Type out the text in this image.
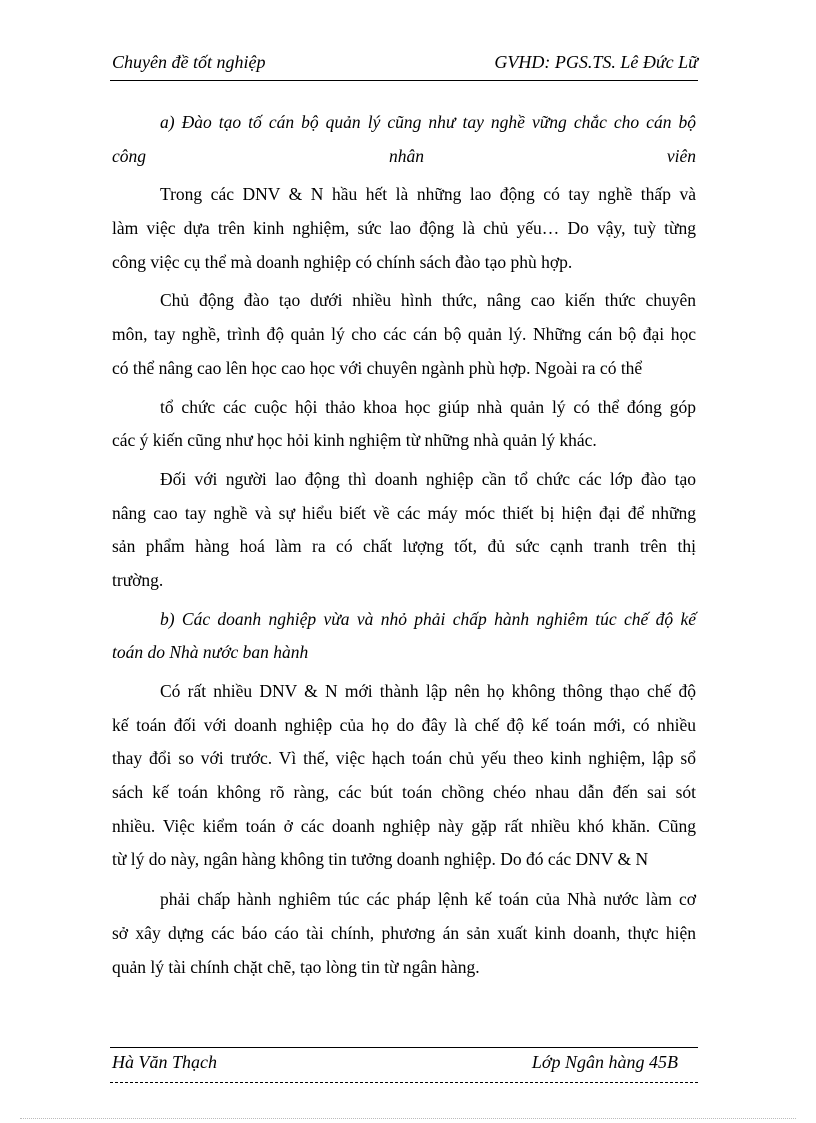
Chuyên đề tốt nghiệp	GVHD: PGS.TS. Lê Đức Lữ
a) Đào tạo tố cán bộ quản lý cũng như tay nghề vững chắc cho cán bộ
công	nhân	viên
Trong các DNV & N hầu hết là những lao động có tay nghề thấp và
làm việc dựa trên kinh nghiệm, sức lao động là chủ yếu… Do vậy, tuỳ từng
công việc cụ thể mà doanh nghiệp có chính sách đào tạo phù hợp.
Chủ động đào tạo dưới nhiều hình thức, nâng cao kiến thức chuyên
môn, tay nghề, trình độ quản lý cho các cán bộ quản lý. Những cán bộ đại học
có thể nâng cao lên học cao học với chuyên ngành phù hợp. Ngoài ra có thể
tổ chức các cuộc hội thảo khoa học giúp nhà quản lý có thể đóng góp
các ý kiến cũng như học hỏi kinh nghiệm từ những nhà quản lý khác.
Đối với người lao động thì doanh nghiệp cần tổ chức các lớp đào tạo
nâng cao tay nghề và sự hiểu biết về các máy móc thiết bị hiện đại để những
sản phẩm hàng hoá làm ra có chất lượng tốt, đủ sức cạnh tranh trên thị
trường.
b) Các doanh nghiệp vừa và nhỏ phải chấp hành nghiêm túc chế độ kế
toán do Nhà nước ban hành
Có rất nhiều DNV & N mới thành lập nên họ không thông thạo chế độ
kế toán đối với doanh nghiệp của họ do đây là chế độ kế toán mới, có nhiều
thay đổi so với trước. Vì thế, việc hạch toán chủ yếu theo kinh nghiệm, lập sổ
sách kế toán không rõ ràng, các bút toán chồng chéo nhau dẫn đến sai sót
nhiều. Việc kiểm toán ở các doanh nghiệp này gặp rất nhiều khó khăn. Cũng
từ lý do này, ngân hàng không tin tưởng doanh nghiệp. Do đó các DNV & N
phải chấp hành nghiêm túc các pháp lệnh kế toán của Nhà nước làm cơ
sở xây dựng các báo cáo tài chính, phương án sản xuất kinh doanh, thực hiện
quản lý tài chính chặt chẽ, tạo lòng tin từ ngân hàng.
Hà Văn Thạch	Lớp Ngân hàng 45B
